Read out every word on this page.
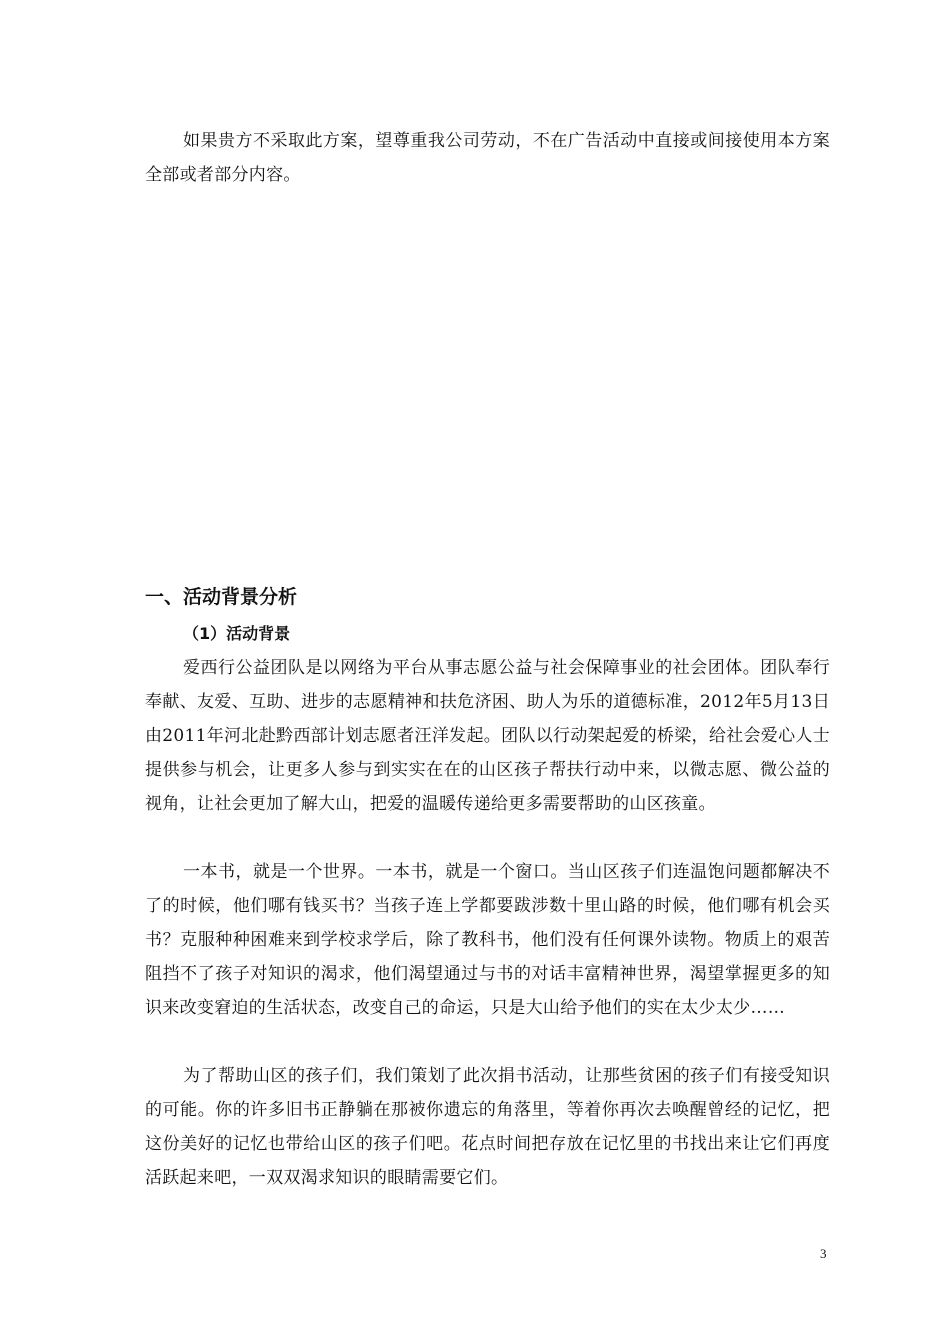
如果贵方不采取此方案，望尊重我公司劳动，不在广告活动中直接或间接使用本方案全部或者部分内容。

一、活动背景分析
（1）活动背景

爱西行公益团队是以网络为平台从事志愿公益与社会保障事业的社会团体。团队奉行奉献、友爱、互助、进步的志愿精神和扶危济困、助人为乐的道德标准，2012年5月13日由2011年河北赴黔西部计划志愿者汪洋发起。团队以行动架起爱的桥梁，给社会爱心人士提供参与机会，让更多人参与到实实在在的山区孩子帮扶行动中来，以微志愿、微公益的视角，让社会更加了解大山，把爱的温暖传递给更多需要帮助的山区孩童。

一本书，就是一个世界。一本书，就是一个窗口。当山区孩子们连温饱问题都解决不了的时候，他们哪有钱买书？当孩子连上学都要跋涉数十里山路的时候，他们哪有机会买书？克服种种困难来到学校求学后，除了教科书，他们没有任何课外读物。物质上的艰苦阻挡不了孩子对知识的渴求，他们渴望通过与书的对话丰富精神世界，渴望掌握更多的知识来改变窘迫的生活状态，改变自己的命运，只是大山给予他们的实在太少太少……

为了帮助山区的孩子们，我们策划了此次捐书活动，让那些贫困的孩子们有接受知识的可能。你的许多旧书正静躺在那被你遗忘的角落里，等着你再次去唤醒曾经的记忆，把这份美好的记忆也带给山区的孩子们吧。花点时间把存放在记忆里的书找出来让它们再度活跃起来吧，一双双渴求知识的眼睛需要它们。

3
